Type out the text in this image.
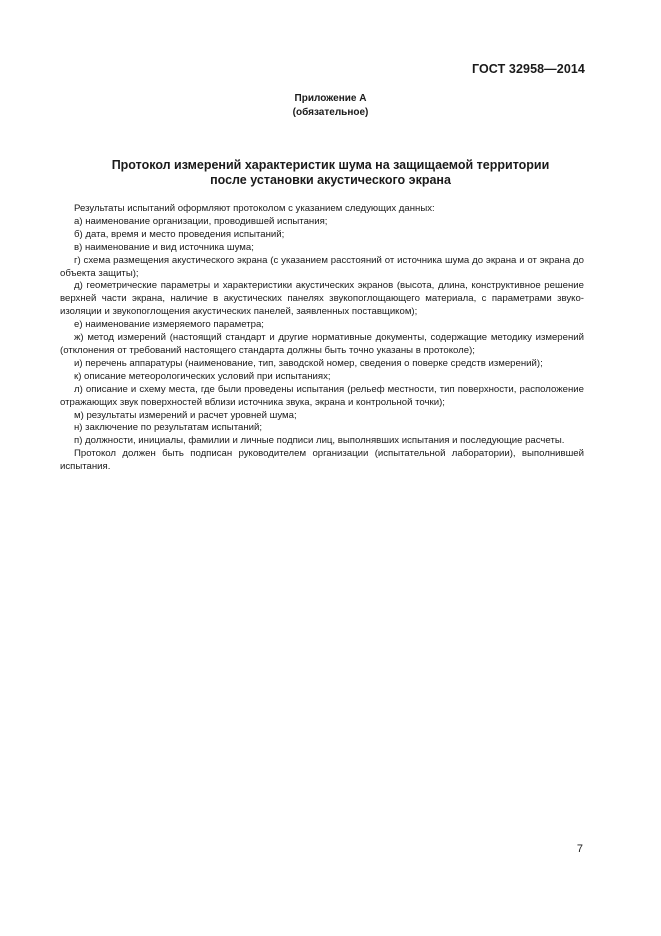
ГОСТ 32958—2014
Приложение А
(обязательное)
Протокол измерений характеристик шума на защищаемой территории
после установки акустического экрана

Результаты испытаний оформляют протоколом с указанием следующих данных:

а) наименование организации, проводившей испытания;

б) дата, время и место проведения испытаний;

в) наименование и вид источника шума;

г) схема размещения акустического экрана (с указанием расстояний от источника шума до экрана и от экрана до объекта защиты);

д) геометрические параметры и характеристики акустических экранов (высота, длина, конструктивное решение верхней части экрана, наличие в акустических панелях звукопоглощающего материала, с параметрами звукоизоляции и звукопоглощения акустических панелей, заявленных поставщиком);

е) наименование измеряемого параметра;

ж) метод измерений (настоящий стандарт и другие нормативные документы, содержащие методику измерений (отклонения от требований настоящего стандарта должны быть точно указаны в протоколе);

и) перечень аппаратуры (наименование, тип, заводской номер, сведения о поверке средств измерений);

к) описание метеорологических условий при испытаниях;

л) описание и схему места, где были проведены испытания (рельеф местности, тип поверхности, расположение отражающих звук поверхностей вблизи источника звука, экрана и контрольной точки);

м) результаты измерений и расчет уровней шума;

н) заключение по результатам испытаний;

п) должности, инициалы, фамилии и личные подписи лиц, выполнявших испытания и последующие расчеты.

Протокол должен быть подписан руководителем организации (испытательной лаборатории), выполнившей испытания.

7
